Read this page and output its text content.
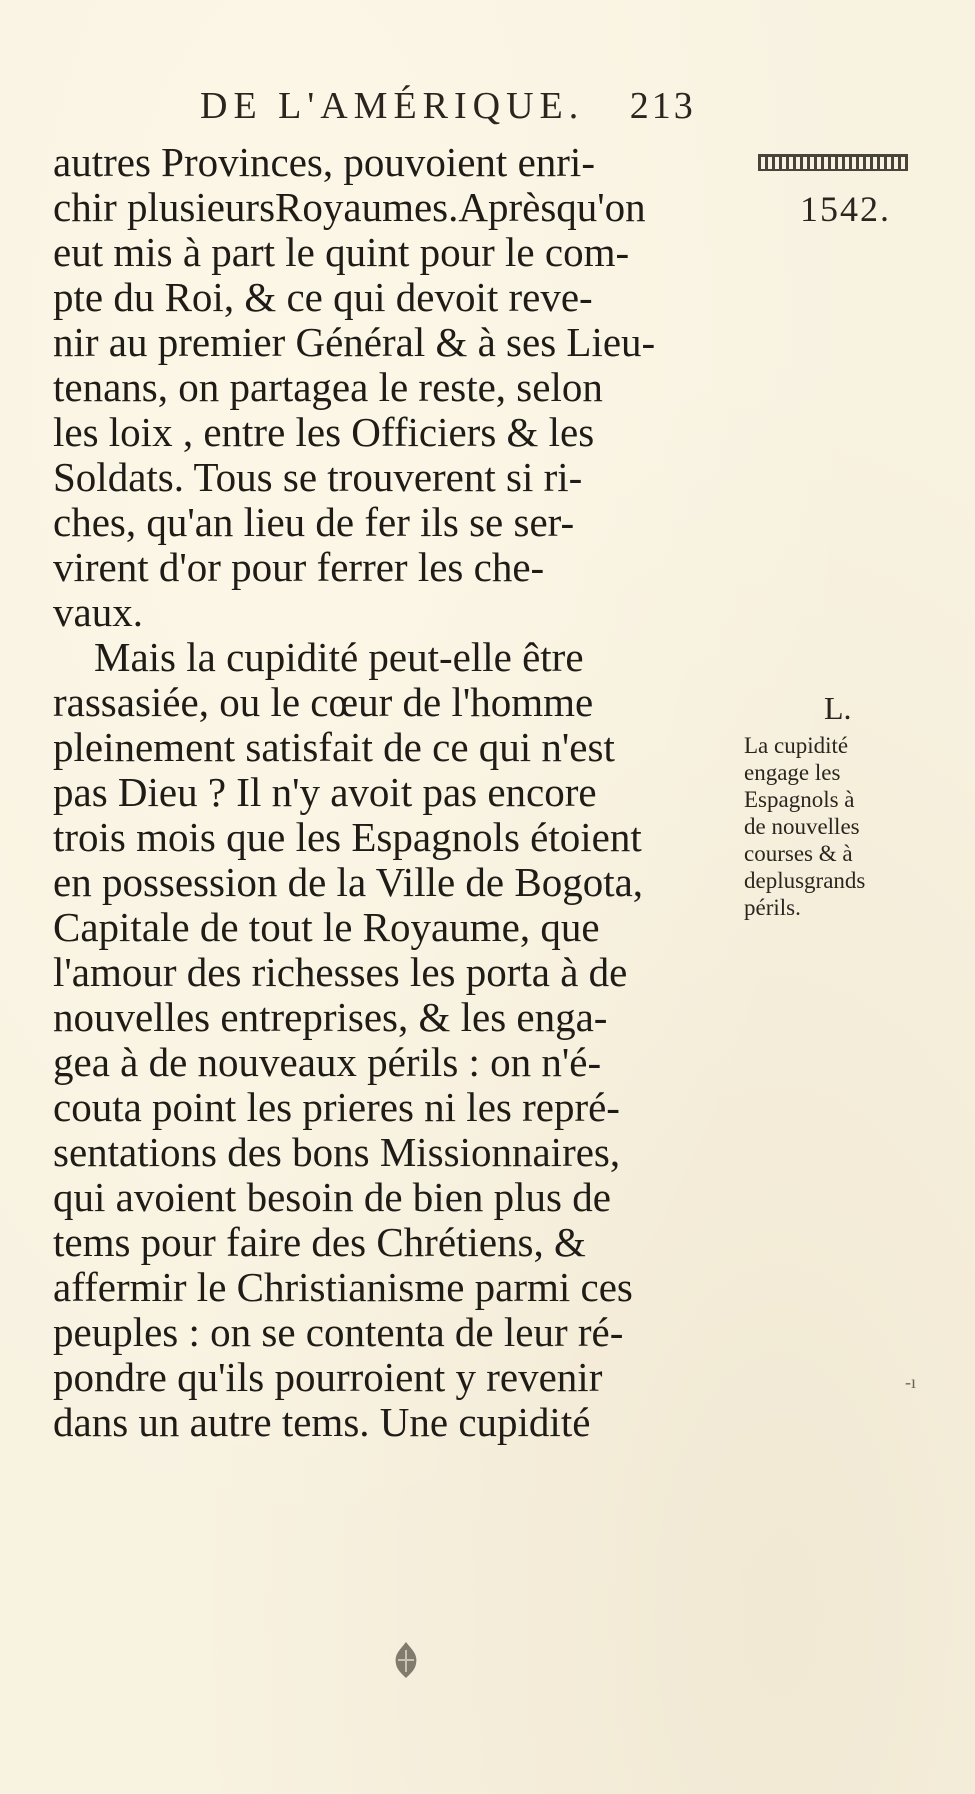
DE L'AMÉRIQUE. 213
1542.
autres Provinces, pouvoient enri-
chir plusieursRoyaumes.Aprèsqu'on
eut mis à part le quint pour le com-
pte du Roi, & ce qui devoit reve-
nir au premier Général & à ses Lieu-
tenans, on partagea le reste, selon
les loix , entre les Officiers & les
Soldats. Tous se trouverent si ri-
ches, qu'an lieu de fer ils se ser-
virent d'or pour ferrer les che-
vaux.
Mais la cupidité peut-elle être
rassasiée, ou le cœur de l'homme
pleinement satisfait de ce qui n'est
pas Dieu ? Il n'y avoit pas encore
trois mois que les Espagnols étoient
en possession de la Ville de Bogota,
Capitale de tout le Royaume, que
l'amour des richesses les porta à de
nouvelles entreprises, & les enga-
gea à de nouveaux périls : on n'é-
couta point les prieres ni les repré-
sentations des bons Missionnaires,
qui avoient besoin de bien plus de
tems pour faire des Chrétiens, &
affermir le Christianisme parmi ces
peuples : on se contenta de leur ré-
pondre qu'ils pourroient y revenir
dans un autre tems. Une cupidité
L.
La cupidité
engage les
Espagnols à
de nouvelles
courses & à
deplusgrands
périls.
-ı
